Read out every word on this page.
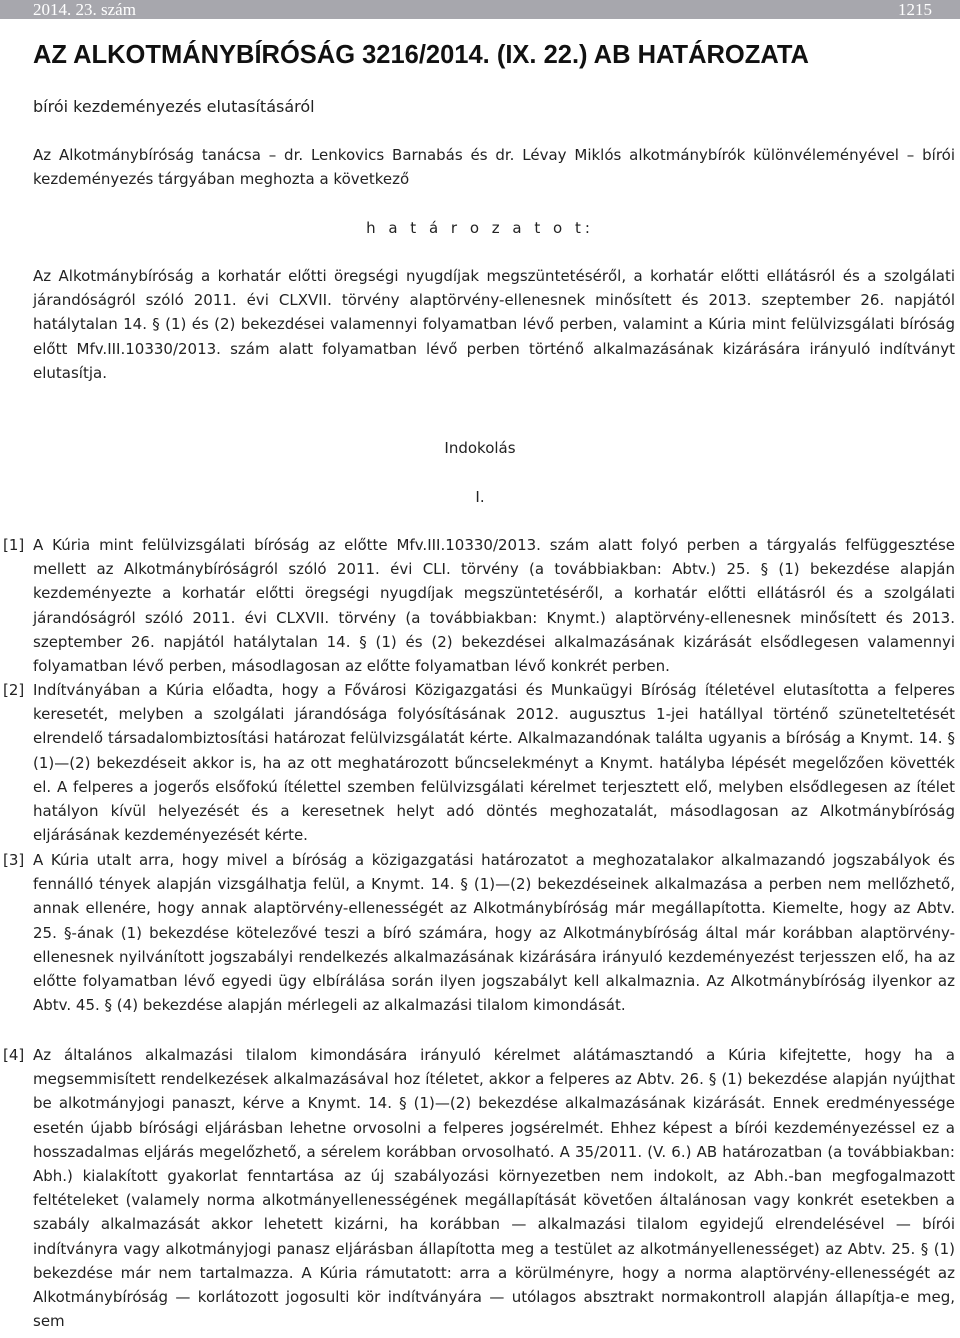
2014. 23. szám	1215
AZ ALKOTMÁNYBÍRÓSÁG 3216/2014. (IX. 22.) AB HATÁROZATA
bírói kezdeményezés elutasításáról

Az Alkotmánybíróság tanácsa – dr. Lenkovics Barnabás és dr. Lévay Miklós alkotmánybírók különvéleményével – bírói kezdeményezés tárgyában meghozta a következő

h a t á r o z a t o t:

Az Alkotmánybíróság a korhatár előtti öregségi nyugdíjak megszüntetéséről, a korhatár előtti ellátásról és a szolgálati járandóságról szóló 2011. évi CLXVII. törvény alaptörvény-ellenesnek minősített és 2013. szeptember 26. napjától hatálytalan 14. § (1) és (2) bekezdései valamennyi folyamatban lévő perben, valamint a Kúria mint felülvizsgálati bíróság előtt Mfv.III.10330/2013. szám alatt folyamatban lévő perben történő alkalmazásának kizárására irányuló indítványt elutasítja.

Indokolás
I.
[1] A Kúria mint felülvizsgálati bíróság az előtte Mfv.III.10330/2013. szám alatt folyó perben a tárgyalás felfüggesztése mellett az Alkotmánybíróságról szóló 2011. évi CLI. törvény (a továbbiakban: Abtv.) 25. § (1) bekezdése alapján kezdeményezte a korhatár előtti öregségi nyugdíjak megszüntetéséről, a korhatár előtti ellátásról és a szolgálati járandóságról szóló 2011. évi CLXVII. törvény (a továbbiakban: Knymt.) alaptörvény-ellenesnek minősített és 2013. szeptember 26. napjától hatálytalan 14. § (1) és (2) bekezdései alkalmazásának kizárását elsődlegesen valamennyi folyamatban lévő perben, másodlagosan az előtte folyamatban lévő konkrét perben.

[2] Indítványában a Kúria előadta, hogy a Fővárosi Közigazgatási és Munkaügyi Bíróság ítéletével elutasította a felperes keresetét, melyben a szolgálati járandósága folyósításának 2012. augusztus 1-jei hatállyal történő szüneteltetését elrendelő társadalombiztosítási határozat felülvizsgálatát kérte. Alkalmazandónak találta ugyanis a bíróság a Knymt. 14. § (1)—(2) bekezdéseit akkor is, ha az ott meghatározott bűncselekményt a Knymt. hatályba lépését megelőzően követték el. A felperes a jogerős elsőfokú ítélettel szemben felülvizsgálati kérelmet terjesztett elő, melyben elsődlegesen az ítélet hatályon kívül helyezését és a keresetnek helyt adó döntés meghozatalát, másodlagosan az Alkotmánybíróság eljárásának kezdeményezését kérte.

[3] A Kúria utalt arra, hogy mivel a bíróság a közigazgatási határozatot a meghozatalakor alkalmazandó jogszabályok és fennálló tények alapján vizsgálhatja felül, a Knymt. 14. § (1)—(2) bekezdéseinek alkalmazása a perben nem mellőzhető, annak ellenére, hogy annak alaptörvény-ellenességét az Alkotmánybíróság már megállapította. Kiemelte, hogy az Abtv. 25. §-ának (1) bekezdése kötelezővé teszi a bíró számára, hogy az Alkotmánybíróság által már korábban alaptörvény-ellenesnek nyilvánított jogszabályi rendelkezés alkalmazásának kizárására irányuló kezdeményezést terjesszen elő, ha az előtte folyamatban lévő egyedi ügy elbírálása során ilyen jogszabályt kell alkalmaznia. Az Alkotmánybíróság ilyenkor az Abtv. 45. § (4) bekezdése alapján mérlegeli az alkalmazási tilalom kimondását.

[4] Az általános alkalmazási tilalom kimondására irányuló kérelmet alátámasztandó a Kúria kifejtette, hogy ha a megsemmisített rendelkezések alkalmazásával hoz ítéletet, akkor a felperes az Abtv. 26. § (1) bekezdése alapján nyújthat be alkotmányjogi panaszt, kérve a Knymt. 14. § (1)—(2) bekezdése alkalmazásának kizárását. Ennek eredményessége esetén újabb bírósági eljárásban lehetne orvosolni a felperes jogsérelmét. Ehhez képest a bírói kezdeményezéssel ez a hosszadalmas eljárás megelőzhető, a sérelem korábban orvosolható. A 35/2011. (V. 6.) AB határozatban (a továbbiakban: Abh.) kialakított gyakorlat fenntartása az új szabályozási környezetben nem indokolt, az Abh.-ban megfogalmazott feltételeket (valamely norma alkotmányellenességének megállapítását követően általánosan vagy konkrét esetekben a szabály alkalmazását akkor lehetett kizárni, ha korábban — alkalmazási tilalom egyidejű elrendelésével — bírói indítványra vagy alkotmányjogi panasz eljárásban állapította meg a testület az alkotmányellenességet) az Abtv. 25. § (1) bekezdése már nem tartalmazza. A Kúria rámutatott: arra a körülményre, hogy a norma alaptörvény-ellenességét az Alkotmánybíróság — korlátozott jogosulti kör indítványára — utólagos absztrakt normakontroll alapján állapítja-e meg, sem
